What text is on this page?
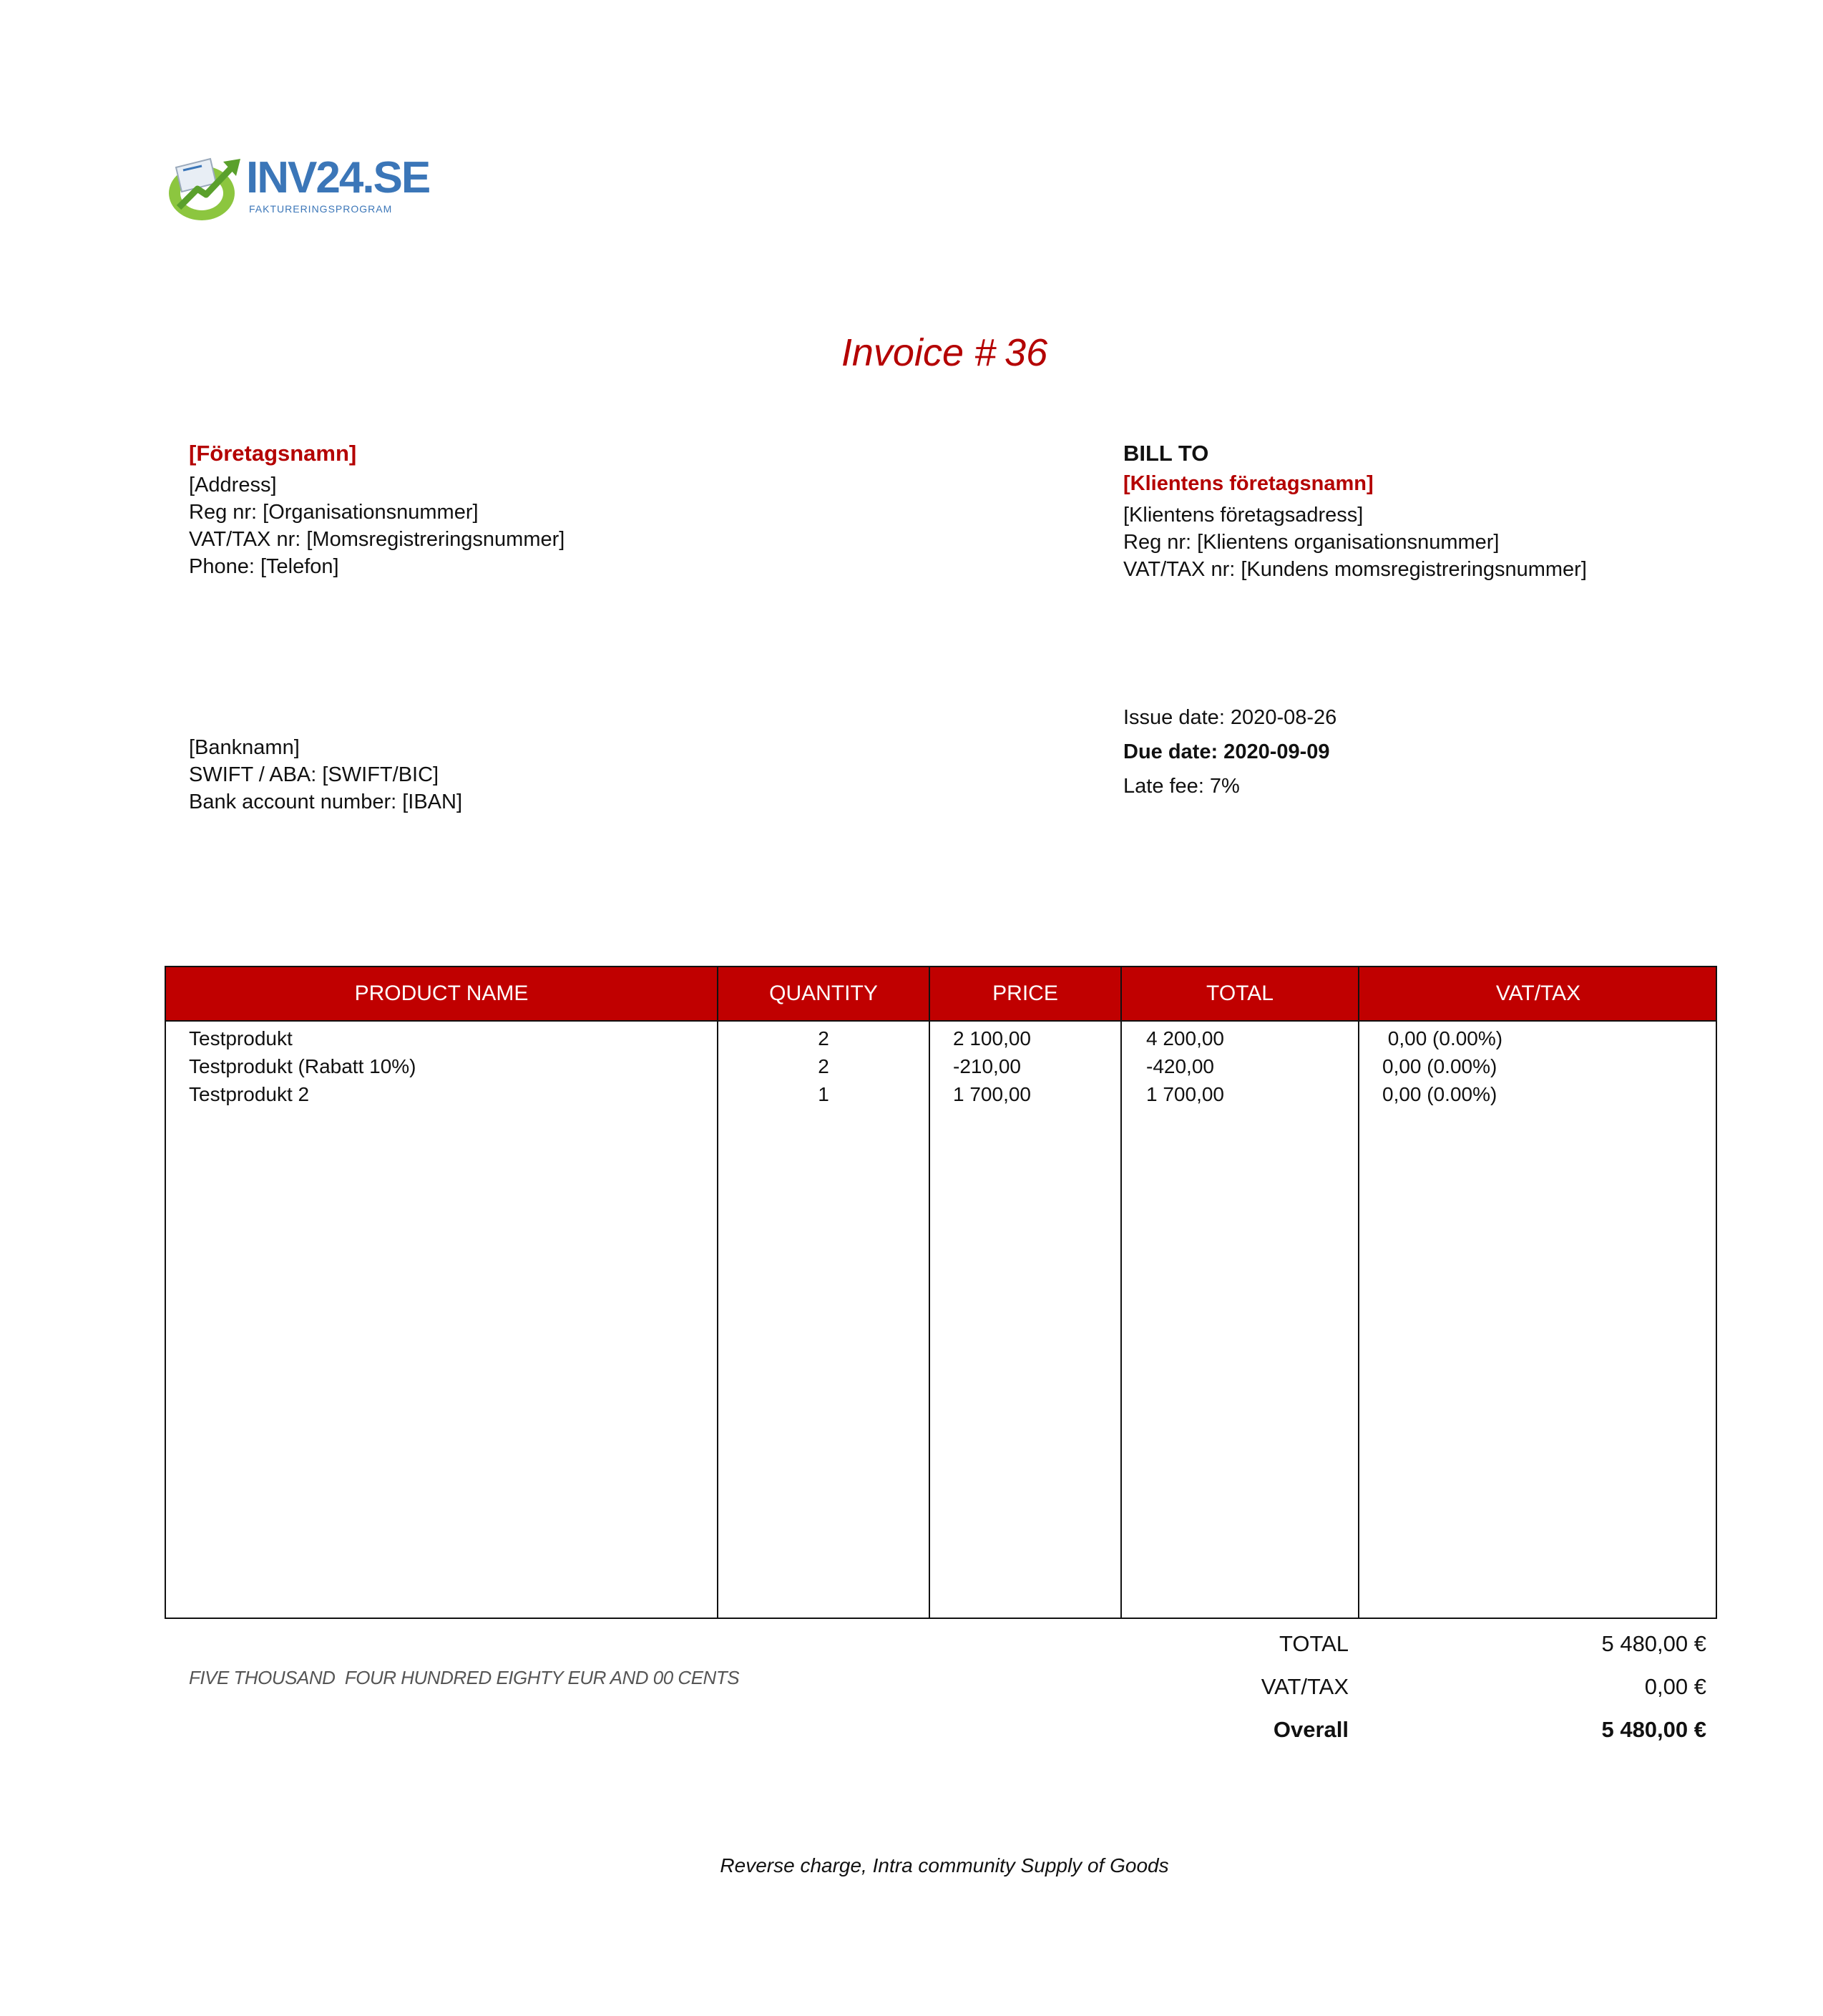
INV24.SE
FAKTURERINGSPROGRAM
Invoice # 36
[Företagsnamn]
[Address]
Reg nr: [Organisationsnummer]
VAT/TAX nr: [Momsregistreringsnummer]
Phone: [Telefon]
BILL TO
[Klientens företagsnamn]
[Klientens företagsadress]
Reg nr: [Klientens organisationsnummer]
VAT/TAX nr: [Kundens momsregistreringsnummer]
[Banknamn]
SWIFT / ABA: [SWIFT/BIC]
Bank account number: [IBAN]
Issue date: 2020-08-26
Due date: 2020-09-09
Late fee: 7%
PRODUCT NAME	QUANTITY	PRICE	TOTAL	VAT/TAX
Testprodukt	2	2 100,00	4 200,00	0,00 (0.00%)
Testprodukt (Rabatt 10%)	2	-210,00	-420,00	0,00 (0.00%)
Testprodukt 2	1	1 700,00	1 700,00	0,00 (0.00%)
FIVE THOUSAND  FOUR HUNDRED EIGHTY EUR AND 00 CENTS
TOTAL	5 480,00 €
VAT/TAX	0,00 €
Overall	5 480,00 €
Reverse charge, Intra community Supply of Goods
